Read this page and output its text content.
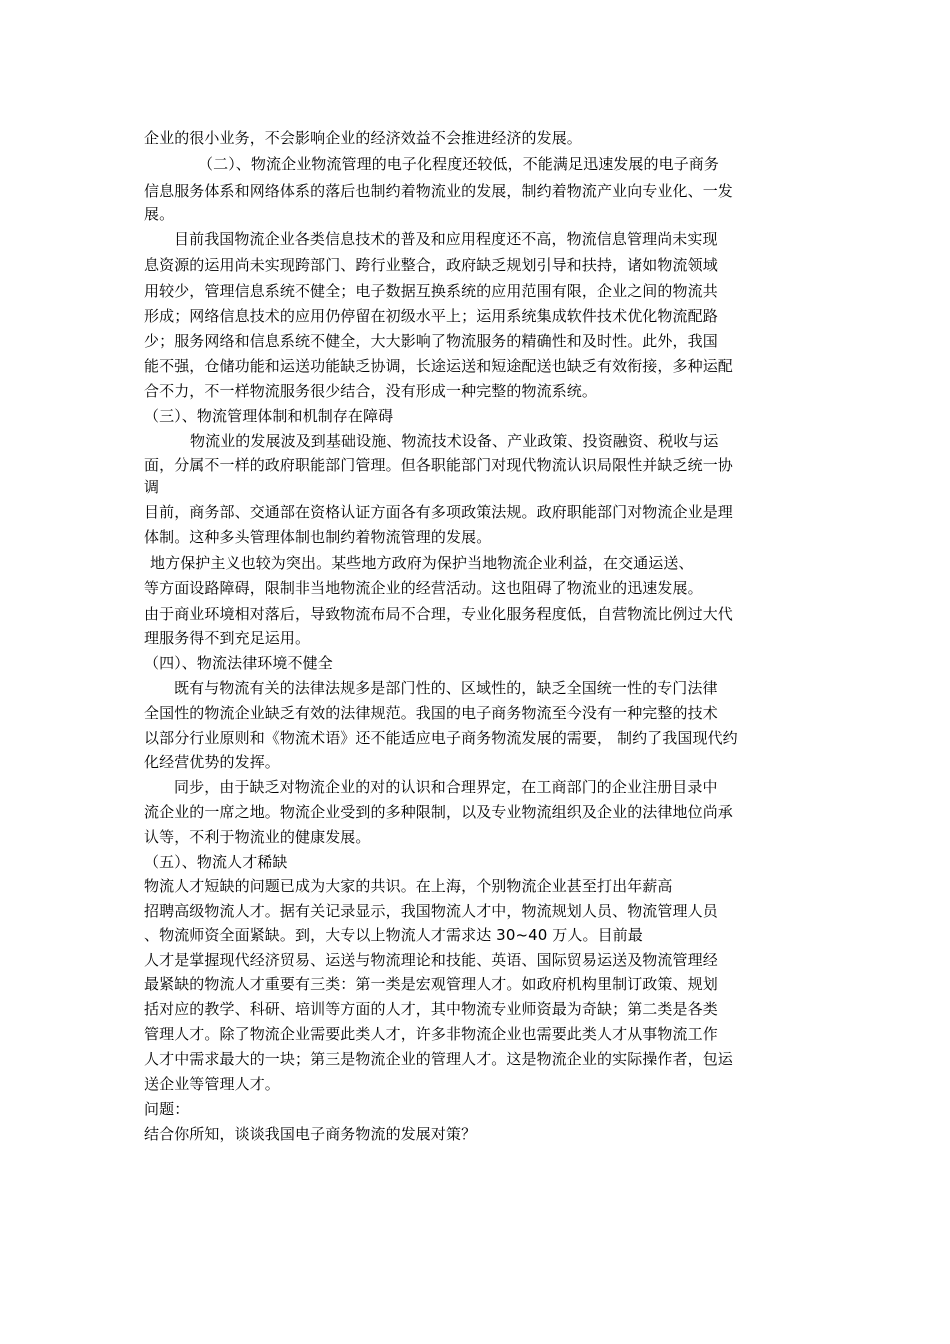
企业的很小业务，不会影响企业的经济效益不会推进经济的发展。

（二）、物流企业物流管理的电子化程度还较低，不能满足迅速发展的电子商务

信息服务体系和网络体系的落后也制约着物流业的发展，制约着物流产业向专业化、一发

展。

目前我国物流企业各类信息技术的普及和应用程度还不高，物流信息管理尚未实现

息资源的运用尚未实现跨部门、跨行业整合，政府缺乏规划引导和扶持，诸如物流领域

用较少，管理信息系统不健全；电子数据互换系统的应用范围有限，企业之间的物流共

形成；网络信息技术的应用仍停留在初级水平上；运用系统集成软件技术优化物流配路

少；服务网络和信息系统不健全，大大影响了物流服务的精确性和及时性。此外，我国

能不强，仓储功能和运送功能缺乏协调，长途运送和短途配送也缺乏有效衔接，多种运配

合不力，不一样物流服务很少结合，没有形成一种完整的物流系统。

（三）、物流管理体制和机制存在障碍

物流业的发展波及到基础设施、物流技术设备、产业政策、投资融资、税收与运

面，分属不一样的政府职能部门管理。但各职能部门对现代物流认识局限性并缺乏统一协

调

目前，商务部、交通部在资格认证方面各有多项政策法规。政府职能部门对物流企业是理

体制。这种多头管理体制也制约着物流管理的发展。

地方保护主义也较为突出。某些地方政府为保护当地物流企业利益，在交通运送、

等方面设路障碍，限制非当地物流企业的经营活动。这也阻碍了物流业的迅速发展。

由于商业环境相对落后，导致物流布局不合理，专业化服务程度低，自营物流比例过大代

理服务得不到充足运用。

（四）、物流法律环境不健全

既有与物流有关的法律法规多是部门性的、区域性的，缺乏全国统一性的专门法律

全国性的物流企业缺乏有效的法律规范。我国的电子商务物流至今没有一种完整的技术

以部分行业原则和《物流术语》还不能适应电子商务物流发展的需要， 制约了我国现代约

化经营优势的发挥。

同步，由于缺乏对物流企业的对的认识和合理界定，在工商部门的企业注册目录中

流企业的一席之地。物流企业受到的多种限制，以及专业物流组织及企业的法律地位尚承

认等，不利于物流业的健康发展。

（五）、物流人才稀缺

物流人才短缺的问题已成为大家的共识。在上海，个别物流企业甚至打出年薪高

招聘高级物流人才。据有关记录显示，我国物流人才中，物流规划人员、物流管理人员

、物流师资全面紧缺。到，大专以上物流人才需求达 30~40 万人。目前最

人才是掌握现代经济贸易、运送与物流理论和技能、英语、国际贸易运送及物流管理经

最紧缺的物流人才重要有三类：第一类是宏观管理人才。如政府机构里制订政策、规划

括对应的教学、科研、培训等方面的人才，其中物流专业师资最为奇缺；第二类是各类

管理人才。除了物流企业需要此类人才，许多非物流企业也需要此类人才从事物流工作

人才中需求最大的一块；第三是物流企业的管理人才。这是物流企业的实际操作者，包运

送企业等管理人才。

问题：

结合你所知，谈谈我国电子商务物流的发展对策？
